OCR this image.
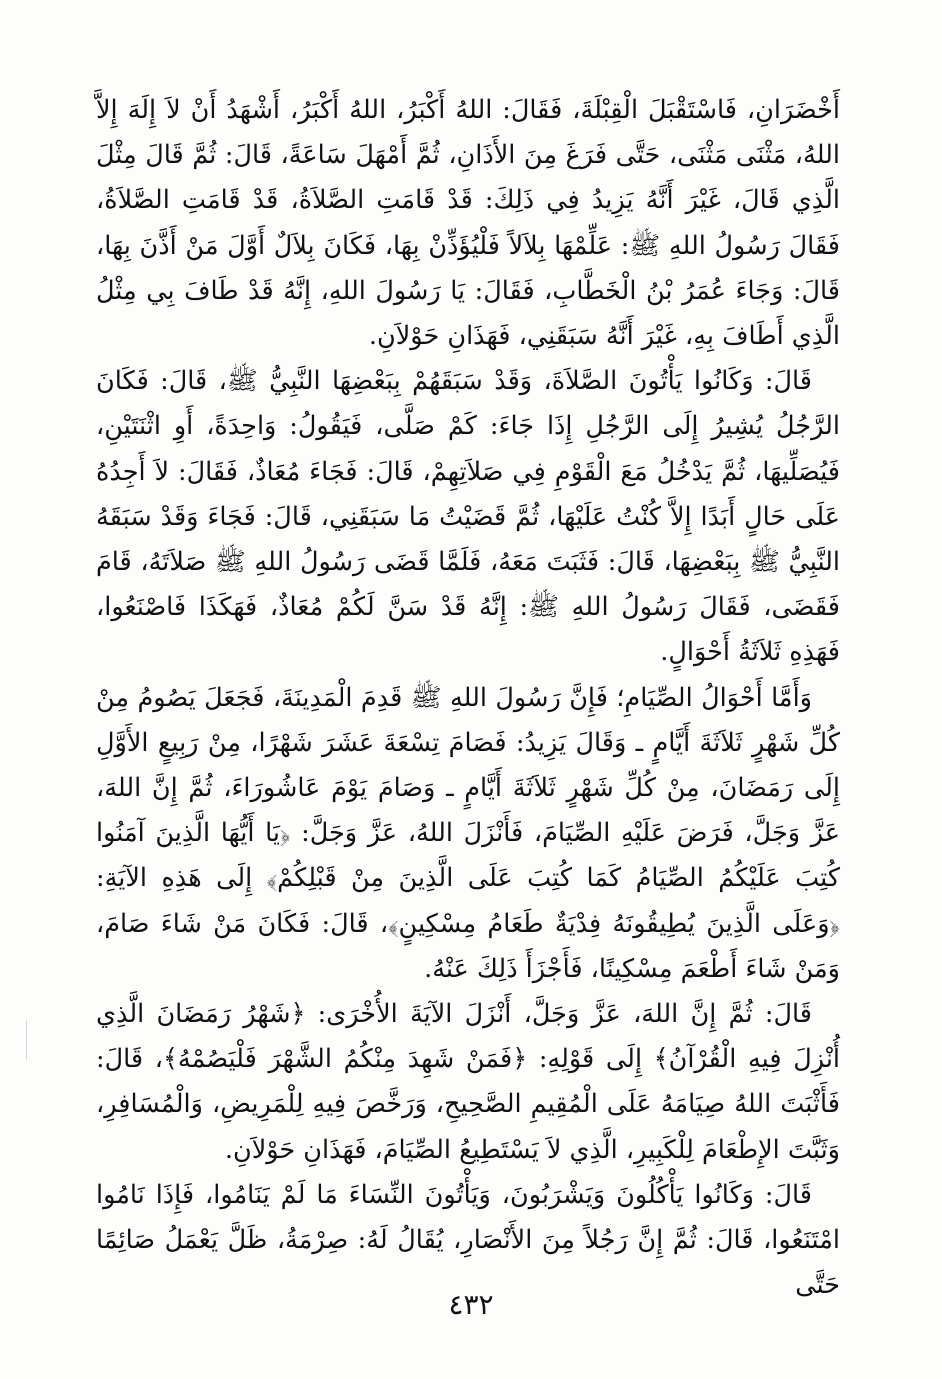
أَخْضَرَانِ، فَاسْتَقْبَلَ الْقِبْلَةَ، فَقَالَ: اللهُ أَكْبَرُ، اللهُ أَكْبَرُ، أَشْهَدُ أَنْ لاَ إِلَهَ إِلاَّ اللهُ، مَثْنَى مَثْنَى، حَتَّى فَرَغَ مِنَ الأَذَانِ، ثُمَّ أَمْهَلَ سَاعَةً، قَالَ: ثُمَّ قَالَ مِثْلَ الَّذِي قَالَ، غَيْرَ أَنَّهُ يَزِيدُ فِي ذَلِكَ: قَدْ قَامَتِ الصَّلاَةُ، قَدْ قَامَتِ الصَّلاَةُ، فَقَالَ رَسُولُ اللهِ ﷺ: عَلِّمْهَا بِلاَلاً فَلْيُؤَذِّنْ بِهَا، فَكَانَ بِلاَلٌ أَوَّلَ مَنْ أَذَّنَ بِهَا، قَالَ: وَجَاءَ عُمَرُ بْنُ الْخَطَّابِ، فَقَالَ: يَا رَسُولَ اللهِ، إِنَّهُ قَدْ طَافَ بِي مِثْلُ الَّذِي أَطَافَ بِهِ، غَيْرَ أَنَّهُ سَبَقَنِي، فَهَذَانِ حَوْلاَنِ.

قَالَ: وَكَانُوا يَأْتُونَ الصَّلاَةَ، وَقَدْ سَبَقَهُمْ بِبَعْضِهَا النَّبِيُّ ﷺ، قَالَ: فَكَانَ الرَّجُلُ يُشِيرُ إِلَى الرَّجُلِ إِذَا جَاءَ: كَمْ صَلَّى، فَيَقُولُ: وَاحِدَةً، أَوِ اثْنَتَيْنِ، فَيُصَلِّيهَا، ثُمَّ يَدْخُلُ مَعَ الْقَوْمِ فِي صَلاَتِهِمْ، قَالَ: فَجَاءَ مُعَاذٌ، فَقَالَ: لاَ أَجِدُهُ عَلَى حَالٍ أَبَدًا إِلاَّ كُنْتُ عَلَيْهَا، ثُمَّ قَضَيْتُ مَا سَبَقَنِي، قَالَ: فَجَاءَ وَقَدْ سَبَقَهُ النَّبِيُّ ﷺ بِبَعْضِهَا، قَالَ: فَثَبَتَ مَعَهُ، فَلَمَّا قَضَى رَسُولُ اللهِ ﷺ صَلاَتَهُ، قَامَ فَقَضَى، فَقَالَ رَسُولُ اللهِ ﷺ: إِنَّهُ قَدْ سَنَّ لَكُمْ مُعَاذٌ، فَهَكَذَا فَاصْنَعُوا، فَهَذِهِ ثَلاَثَةُ أَحْوَالٍ.

وَأَمَّا أَحْوَالُ الصِّيَامِ؛ فَإِنَّ رَسُولَ اللهِ ﷺ قَدِمَ الْمَدِينَةَ، فَجَعَلَ يَصُومُ مِنْ كُلِّ شَهْرٍ ثَلاَثَةَ أَيَّامٍ ـ وَقَالَ يَزِيدُ: فَصَامَ تِسْعَةَ عَشَرَ شَهْرًا، مِنْ رَبِيعٍ الأَوَّلِ إِلَى رَمَضَانَ، مِنْ كُلِّ شَهْرٍ ثَلاَثَةَ أَيَّامٍ ـ وَصَامَ يَوْمَ عَاشُورَاءَ، ثُمَّ إِنَّ اللهَ، عَزَّ وَجَلَّ، فَرَضَ عَلَيْهِ الصِّيَامَ، فَأَنْزَلَ اللهُ، عَزَّ وَجَلَّ: ﴿يَا أَيُّهَا الَّذِينَ آمَنُوا كُتِبَ عَلَيْكُمُ الصِّيَامُ كَمَا كُتِبَ عَلَى الَّذِينَ مِنْ قَبْلِكُمْ﴾ إِلَى هَذِهِ الآيَةِ: ﴿وَعَلَى الَّذِينَ يُطِيقُونَهُ فِدْيَةٌ طَعَامُ مِسْكِينٍ﴾، قَالَ: فَكَانَ مَنْ شَاءَ صَامَ، وَمَنْ شَاءَ أَطْعَمَ مِسْكِينًا، فَأَجْزَأَ ذَلِكَ عَنْهُ.

قَالَ: ثُمَّ إِنَّ اللهَ، عَزَّ وَجَلَّ، أَنْزَلَ الآيَةَ الأُخْرَى: ﴿شَهْرُ رَمَضَانَ الَّذِي أُنْزِلَ فِيهِ الْقُرْآنُ﴾ إِلَى قَوْلِهِ: ﴿فَمَنْ شَهِدَ مِنْكُمُ الشَّهْرَ فَلْيَصُمْهُ﴾، قَالَ: فَأَثْبَتَ اللهُ صِيَامَهُ عَلَى الْمُقِيمِ الصَّحِيحِ، وَرَخَّصَ فِيهِ لِلْمَرِيضِ، وَالْمُسَافِرِ، وَثَبَّتَ الإِطْعَامَ لِلْكَبِيرِ، الَّذِي لاَ يَسْتَطِيعُ الصِّيَامَ، فَهَذَانِ حَوْلاَنِ.

قَالَ: وَكَانُوا يَأْكُلُونَ وَيَشْرَبُونَ، وَيَأْتُونَ النِّسَاءَ مَا لَمْ يَنَامُوا، فَإِذَا نَامُوا امْتَنَعُوا، قَالَ: ثُمَّ إِنَّ رَجُلاً مِنَ الأَنْصَارِ، يُقَالُ لَهُ: صِرْمَةُ، ظَلَّ يَعْمَلُ صَائِمًا حَتَّى

٤٣٢
